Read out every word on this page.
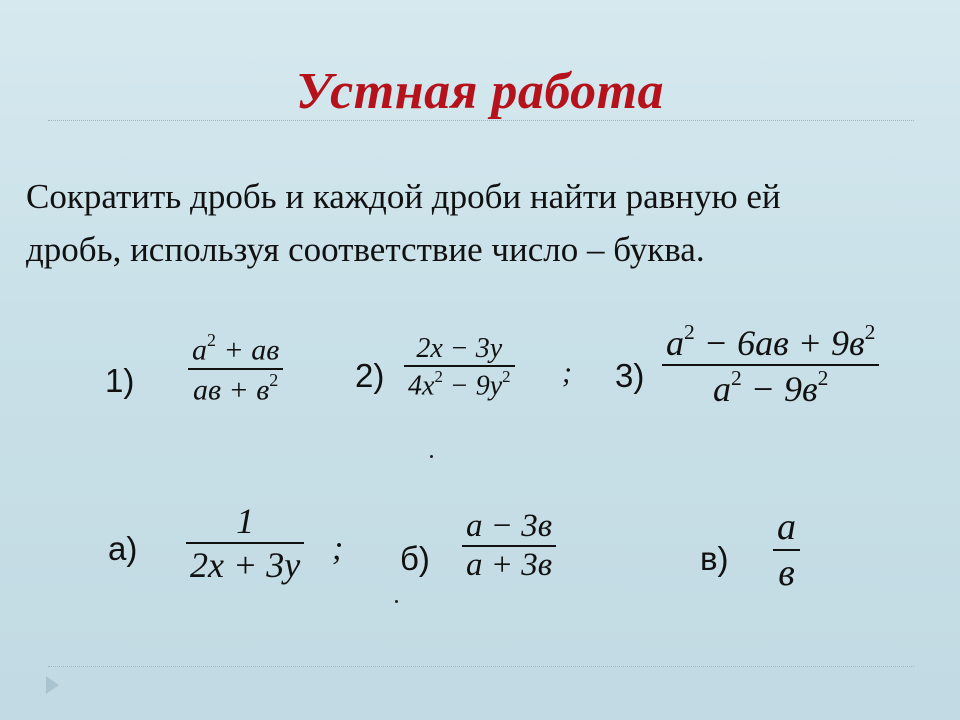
Устная работа
Сократить дробь и каждой дроби найти равную ей
дробь, используя соответствие число – буква.
1)
$a^2$ + aв
aв + $в^2$ 2)
2x − 3y
$4x^2 - 9y^2$ ; 3)
$a^2 - 6aв + 9в^2$
$a^2 - 9в^2$
а)
1
2x + 3y ; б)
a − 3в
a + 3в	в)
a
в
